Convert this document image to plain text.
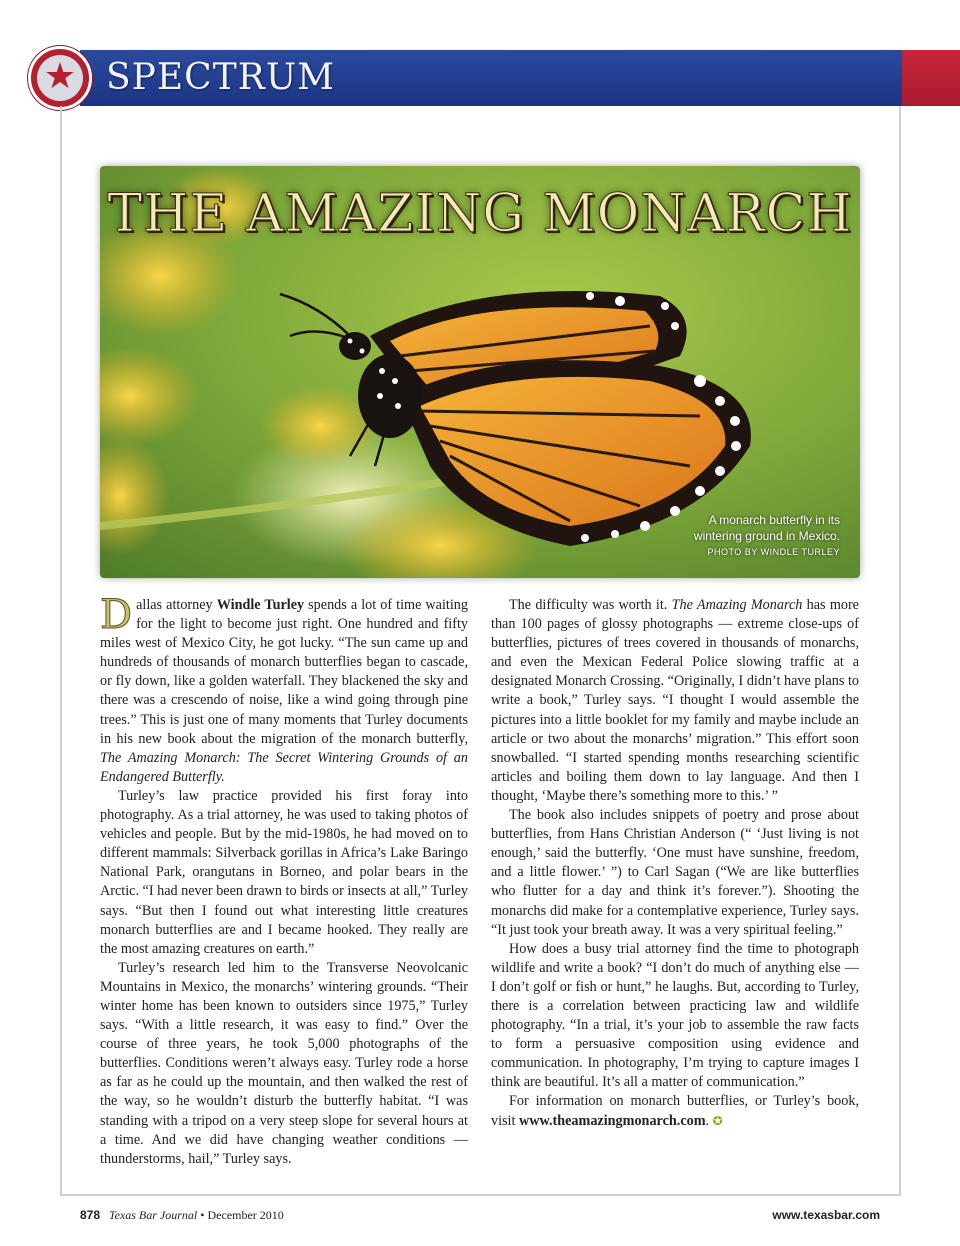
★ SPECTRUM
THE AMAZING MONARCH
A monarch butterfly in its
wintering ground in Mexico.
PHOTO BY WINDLE TURLEY

Dallas attorney Windle Turley spends a lot of time waiting for the light to become just right. One hundred and fifty miles west of Mexico City, he got lucky. “The sun came up and hundreds of thousands of monarch butterflies began to cascade, or fly down, like a golden waterfall. They blackened the sky and there was a crescendo of noise, like a wind going through pine trees.” This is just one of many moments that Turley documents in his new book about the migration of the monarch butterfly, The Amazing Monarch: The Secret Wintering Grounds of an Endangered Butterfly.

Turley’s law practice provided his first foray into photography. As a trial attorney, he was used to taking photos of vehicles and people. But by the mid-1980s, he had moved on to different mammals: Silverback gorillas in Africa’s Lake Baringo National Park, orangutans in Borneo, and polar bears in the Arctic. “I had never been drawn to birds or insects at all,” Turley says. “But then I found out what interesting little creatures monarch butterflies are and I became hooked. They really are the most amazing creatures on earth.”

Turley’s research led him to the Transverse Neovolcanic Mountains in Mexico, the monarchs’ wintering grounds. “Their winter home has been known to outsiders since 1975,” Turley says. “With a little research, it was easy to find.” Over the course of three years, he took 5,000 photographs of the butterflies. Conditions weren’t always easy. Turley rode a horse as far as he could up the mountain, and then walked the rest of the way, so he wouldn’t disturb the butterfly habitat. “I was standing with a tripod on a very steep slope for several hours at a time. And we did have changing weather conditions — thunderstorms, hail,” Turley says.

The difficulty was worth it. The Amazing Monarch has more than 100 pages of glossy photographs — extreme close-ups of butterflies, pictures of trees covered in thousands of monarchs, and even the Mexican Federal Police slowing traffic at a designated Monarch Crossing. “Originally, I didn’t have plans to write a book,” Turley says. “I thought I would assemble the pictures into a little booklet for my family and maybe include an article or two about the monarchs’ migration.” This effort soon snowballed. “I started spending months researching scientific articles and boiling them down to lay language. And then I thought, ‘Maybe there’s something more to this.’ ”

The book also includes snippets of poetry and prose about butterflies, from Hans Christian Anderson (“ ‘Just living is not enough,’ said the butterfly. ‘One must have sunshine, freedom, and a little flower.’ ”) to Carl Sagan (“We are like butterflies who flutter for a day and think it’s forever.”). Shooting the monarchs did make for a contemplative experience, Turley says. “It just took your breath away. It was a very spiritual feeling.”

How does a busy trial attorney find the time to photograph wildlife and write a book? “I don’t do much of anything else — I don’t golf or fish or hunt,” he laughs. But, according to Turley, there is a correlation between practicing law and wildlife photography. “In a trial, it’s your job to assemble the raw facts to form a persuasive composition using evidence and communication. In photography, I’m trying to capture images I think are beautiful. It’s all a matter of communication.”

For information on monarch butterflies, or Turley’s book, visit www.theamazingmonarch.com. ✪

878 Texas Bar Journal • December 2010	www.texasbar.com
